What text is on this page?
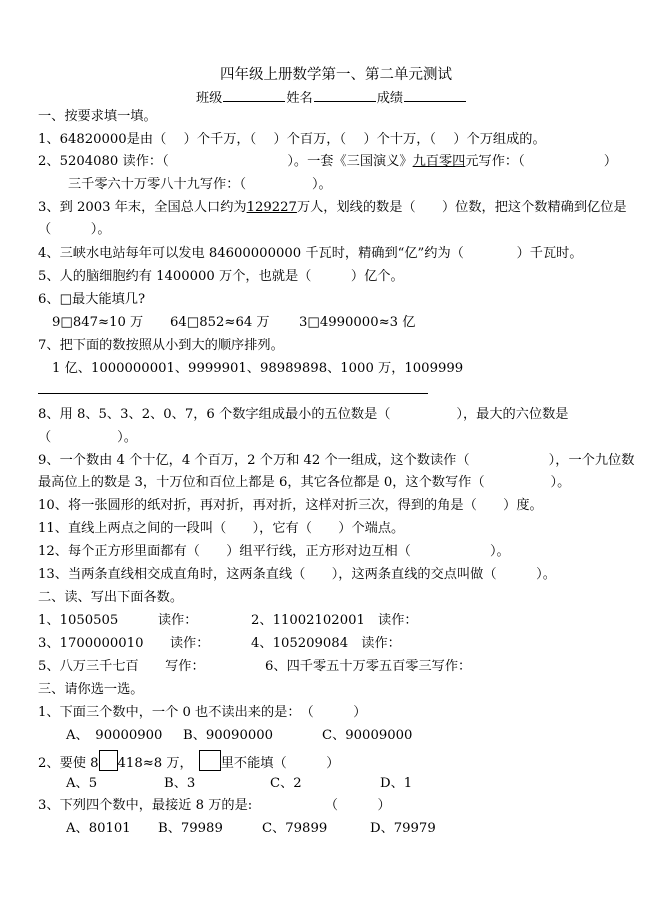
四年级上册数学第一、第二单元测试
班级	姓名	成绩
一、按要求填一填。
1、64820000是由（　 ）个千万，（　 ）个百万，（　 ）个十万，（　 ）个万组成的。
2、5204080 读作：（　　　　　　　　　）。一套《三国演义》九百零四元写作：（　　　　　　）
三千零六十万零八十九写作：（　　　　　）。
3、到 2003 年末，全国总人口约为129227万人，划线的数是（　　）位数，把这个数精确到亿位是
（　　　）。
4、三峡水电站每年可以发电 84600000000 千瓦时，精确到“亿”约为（　　　　）千瓦时。
5、人的脑细胞约有 1400000 万个，也就是（　　　）亿个。
6、□最大能填几?
9□847≈10 万 64□852≈64 万 3□4990000≈3 亿
7、把下面的数按照从小到大的顺序排列。
1 亿、1000000001、9999901、98989898、1000 万，1009999
8、用 8、5、3、2、0、7，6 个数字组成最小的五位数是（　　　　　），最大的六位数是
（　　　　　）。
9、一个数由 4 个十亿，4 个百万，2 个万和 42 个一组成，这个数读作（　　　　　　），一个九位数
最高位上的数是 3，十万位和百位上都是 6，其它各位都是 0，这个数写作（　　　　　）。
10、将一张圆形的纸对折，再对折，再对折，这样对折三次，得到的角是（　　）度。
11、直线上两点之间的一段叫（　　），它有（　　）个端点。
12、每个正方形里面都有（　　）组平行线，正方形对边互相（　　　　　　）。
13、当两条直线相交成直角时，这两条直线（　　），这两条直线的交点叫做（　　　）。
二、读、写出下面各数。
1、1050505　　　读作：	2、11002102001　读作：
3、1700000010　　读作：	4、105209084　读作：
5、八万三千七百　　写作：	6、四千零五十万零五百零三写作：
三、请你选一选。
1、下面三个数中，一个 0 也不读出来的是：　（　　　）
A、　90000900 B、90090000	C、90009000
2、要使 8 418≈8 万， 里不能填（　　　）
A、5	B、3	C、2	D、1
3、下列四个数中，最接近 8 万的是:　　　　　　（　　　）
A、80101 B、79989	C、79899	D、79979
